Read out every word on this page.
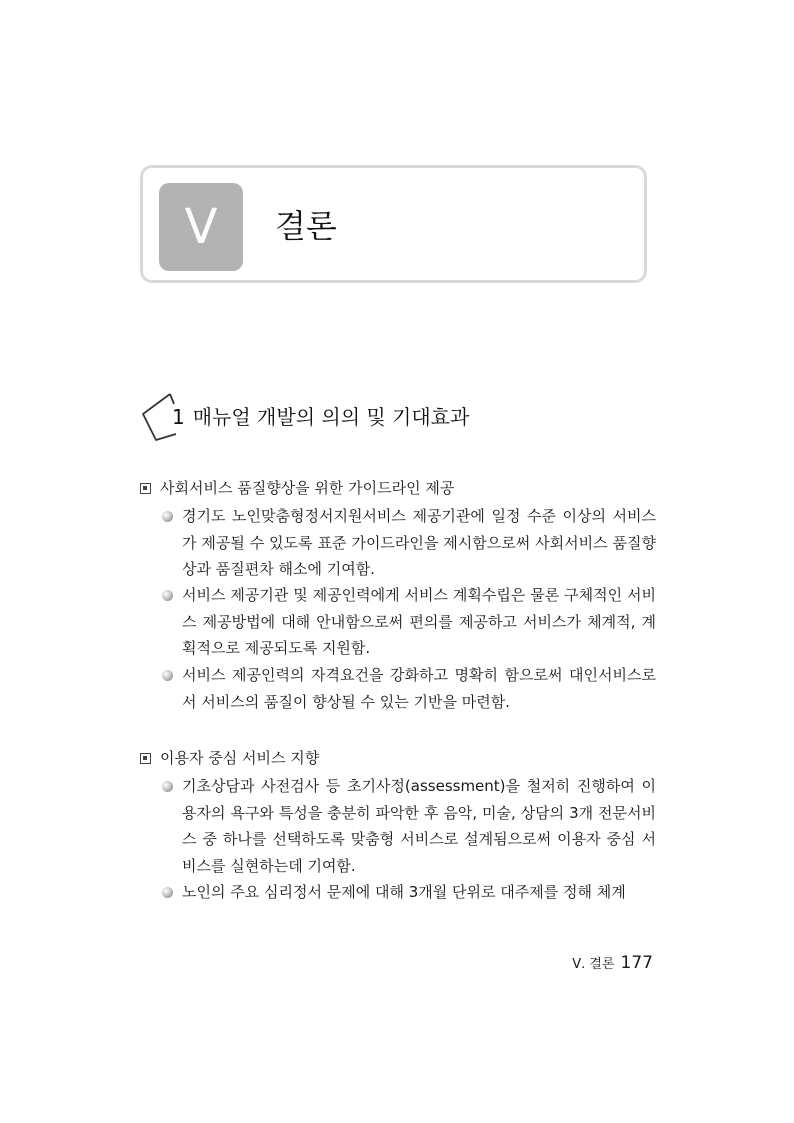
V	결론
1 매뉴얼 개발의 의의 및 기대효과
사회서비스 품질향상을 위한 가이드라인 제공
경기도 노인맞춤형정서지원서비스 제공기관에 일정 수준 이상의 서비스가 제공될 수 있도록 표준 가이드라인을 제시함으로써 사회서비스 품질향상과 품질편차 해소에 기여함.
서비스 제공기관 및 제공인력에게 서비스 계획수립은 물론 구체적인 서비스 제공방법에 대해 안내함으로써 편의를 제공하고 서비스가 체계적, 계획적으로 제공되도록 지원함.
서비스 제공인력의 자격요건을 강화하고 명확히 함으로써 대인서비스로서 서비스의 품질이 향상될 수 있는 기반을 마련함.
이용자 중심 서비스 지향
기초상담과 사전검사 등 초기사정(assessment)을 철저히 진행하여 이용자의 욕구와 특성을 충분히 파악한 후 음악, 미술, 상담의 3개 전문서비스 중 하나를 선택하도록 맞춤형 서비스로 설계됨으로써 이용자 중심 서비스를 실현하는데 기여함.
노인의 주요 심리정서 문제에 대해 3개월 단위로 대주제를 정해 체계
Ⅴ. 결론 177
